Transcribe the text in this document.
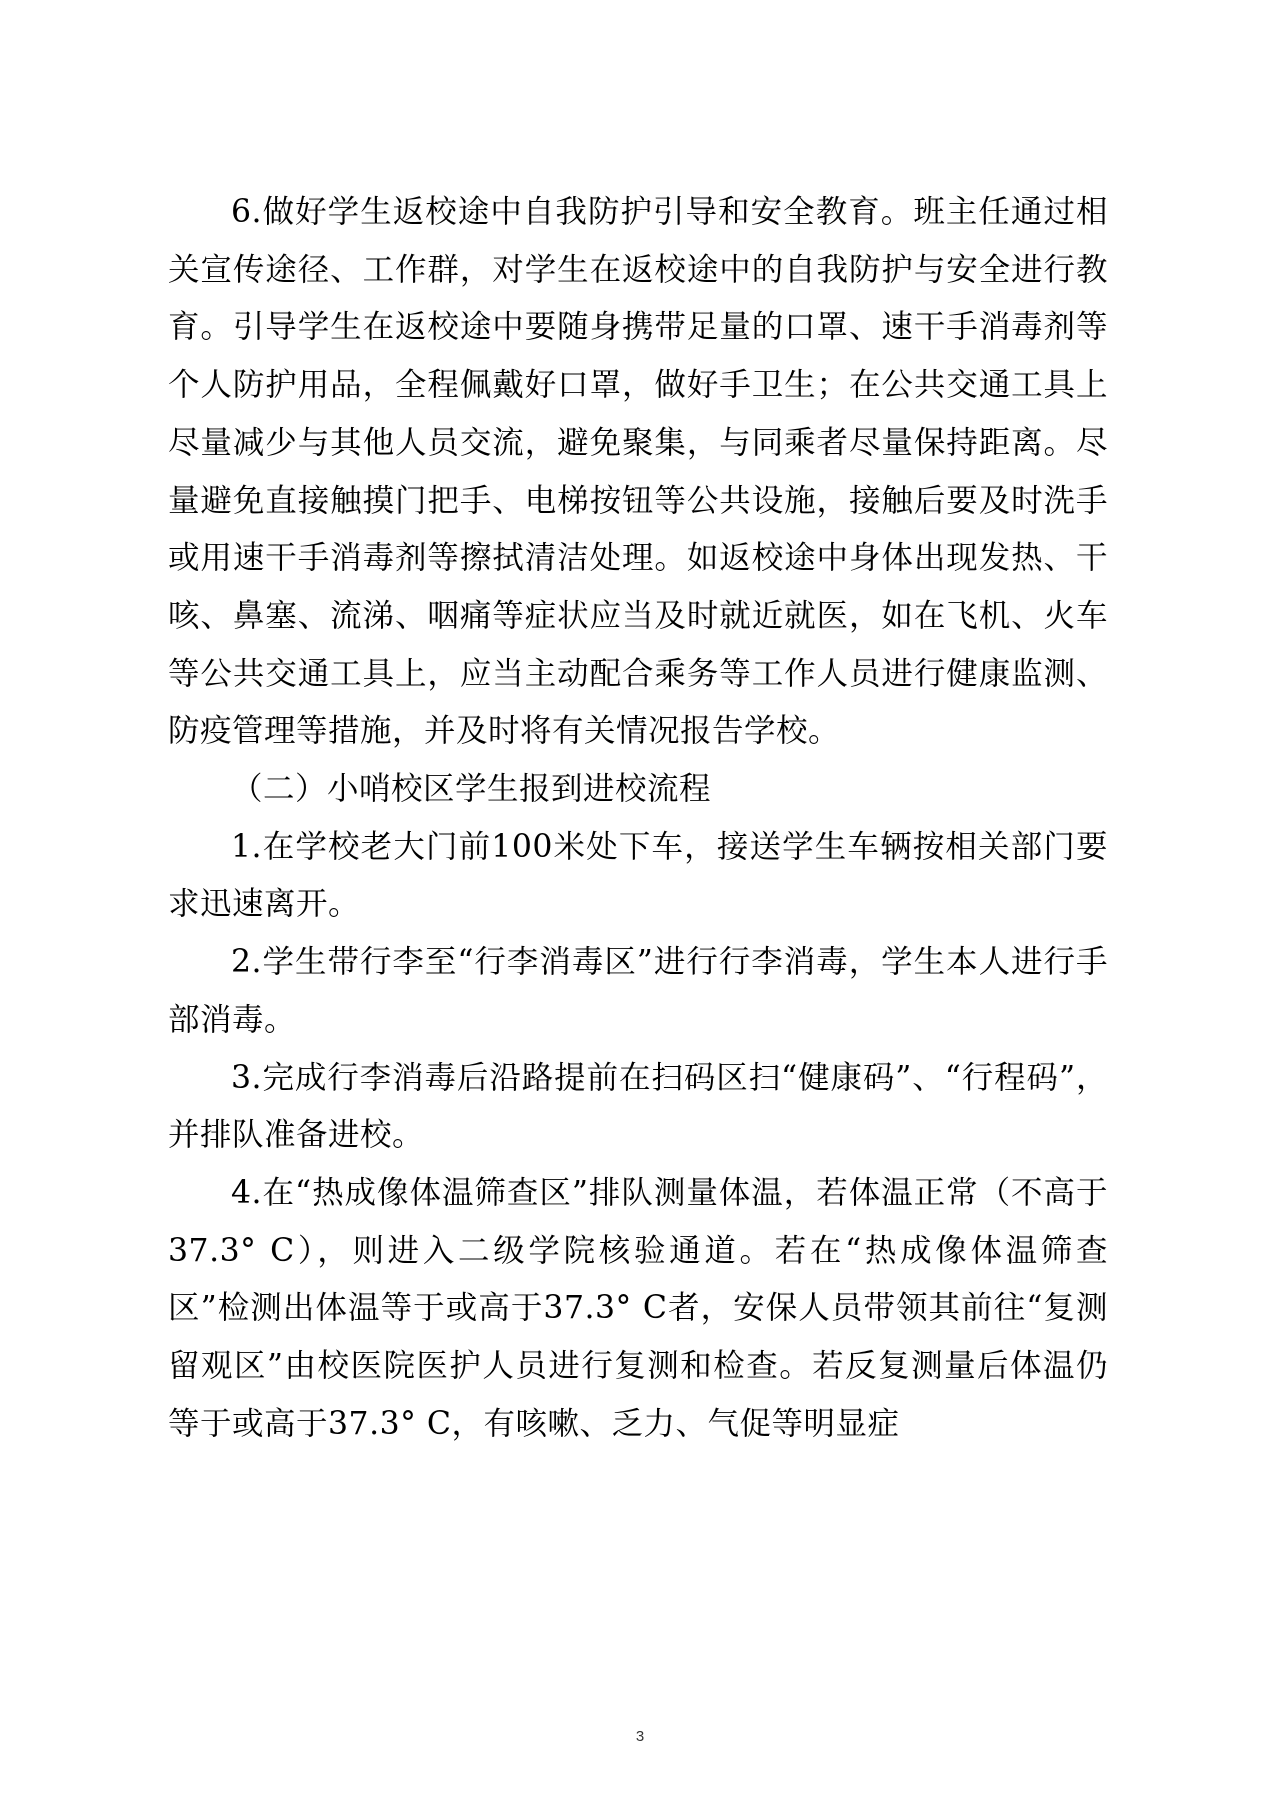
6.做好学生返校途中自我防护引导和安全教育。班主任通过相关宣传途径、工作群，对学生在返校途中的自我防护与安全进行教育。引导学生在返校途中要随身携带足量的口罩、速干手消毒剂等个人防护用品，全程佩戴好口罩，做好手卫生；在公共交通工具上尽量减少与其他人员交流，避免聚集，与同乘者尽量保持距离。尽量避免直接触摸门把手、电梯按钮等公共设施，接触后要及时洗手或用速干手消毒剂等擦拭清洁处理。如返校途中身体出现发热、干咳、鼻塞、流涕、咽痛等症状应当及时就近就医，如在飞机、火车等公共交通工具上，应当主动配合乘务等工作人员进行健康监测、防疫管理等措施，并及时将有关情况报告学校。

（二）小哨校区学生报到进校流程

1.在学校老大门前100米处下车，接送学生车辆按相关部门要求迅速离开。

2.学生带行李至“行李消毒区”进行行李消毒，学生本人进行手部消毒。

3.完成行李消毒后沿路提前在扫码区扫“健康码”、“行程码”，并排队准备进校。

4.在“热成像体温筛查区”排队测量体温，若体温正常（不高于37.3° C），则进入二级学院核验通道。若在“热成像体温筛查区”检测出体温等于或高于37.3° C者，安保人员带领其前往“复测留观区”由校医院医护人员进行复测和检查。若反复测量后体温仍等于或高于37.3° C，有咳嗽、乏力、气促等明显症

3
